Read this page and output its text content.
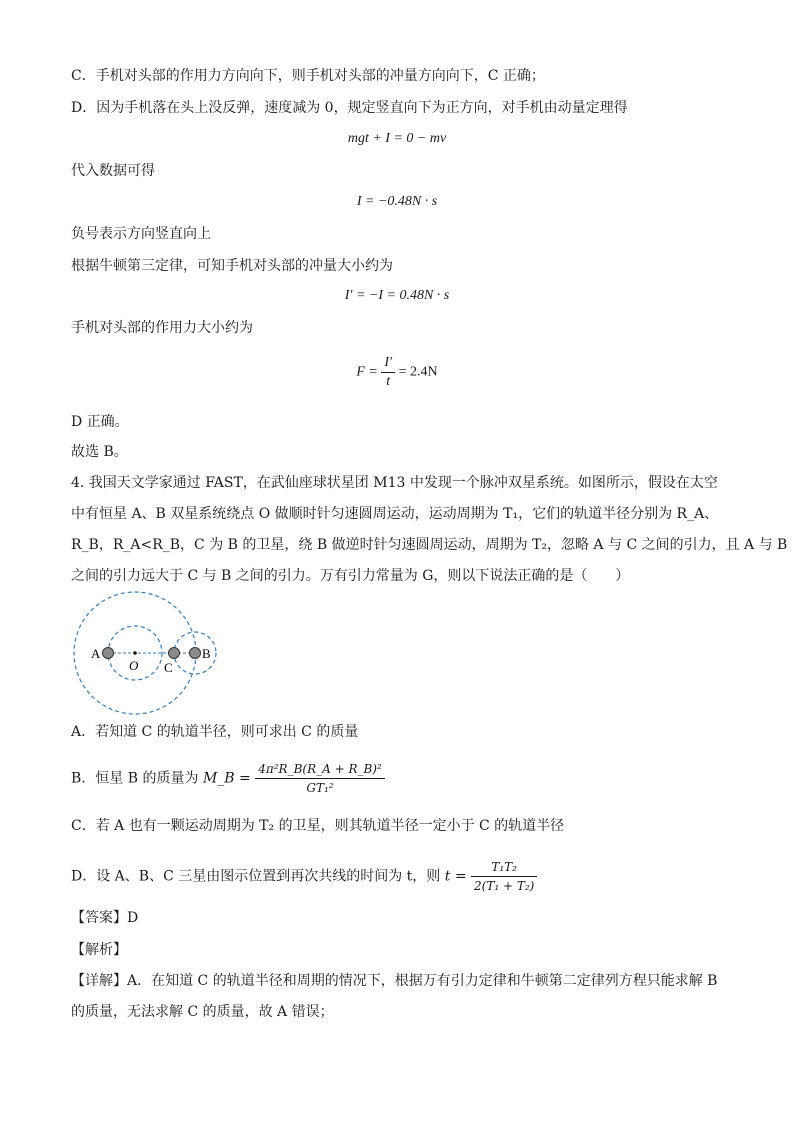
C．手机对头部的作用力方向向下，则手机对头部的冲量方向向下，C 正确；
D．因为手机落在头上没反弹，速度减为 0，规定竖直向下为正方向，对手机由动量定理得
mgt + I = 0 − mv
代入数据可得
I = −0.48N · s
负号表示方向竖直向上
根据牛顿第三定律，可知手机对头部的冲量大小约为
I′ = −I = 0.48N · s
手机对头部的作用力大小约为
$F = \frac{I'}{t} = 2.4N$
D 正确。
故选 B。
4. 我国天文学家通过 FAST，在武仙座球状星团 M13 中发现一个脉冲双星系统。如图所示，假设在太空
中有恒星 A、B 双星系统绕点 O 做顺时针匀速圆周运动，运动周期为 T₁，它们的轨道半径分别为 R_A、
R_B，R_A<R_B，C 为 B 的卫星，绕 B 做逆时针匀速圆周运动，周期为 T₂，忽略 A 与 C 之间的引力，且 A 与 B
之间的引力远大于 C 与 B 之间的引力。万有引力常量为 G，则以下说法正确的是（　　）
A
O C
B
A．若知道 C 的轨道半径，则可求出 C 的质量
B．恒星 B 的质量为 M_B = $\frac{\text{4π²R\_B(R\_A + R\_B)²}}{\text{GT₁²}}$
C．若 A 也有一颗运动周期为 T₂ 的卫星，则其轨道半径一定小于 C 的轨道半径
D．设 A、B、C 三星由图示位置到再次共线的时间为 t，则 $t = \frac{\text{T₁T₂}}{\text{2(T₁ + T₂)}}$
【答案】D
【解析】
【详解】A．在知道 C 的轨道半径和周期的情况下，根据万有引力定律和牛顿第二定律列方程只能求解 B
的质量，无法求解 C 的质量，故 A 错误；
